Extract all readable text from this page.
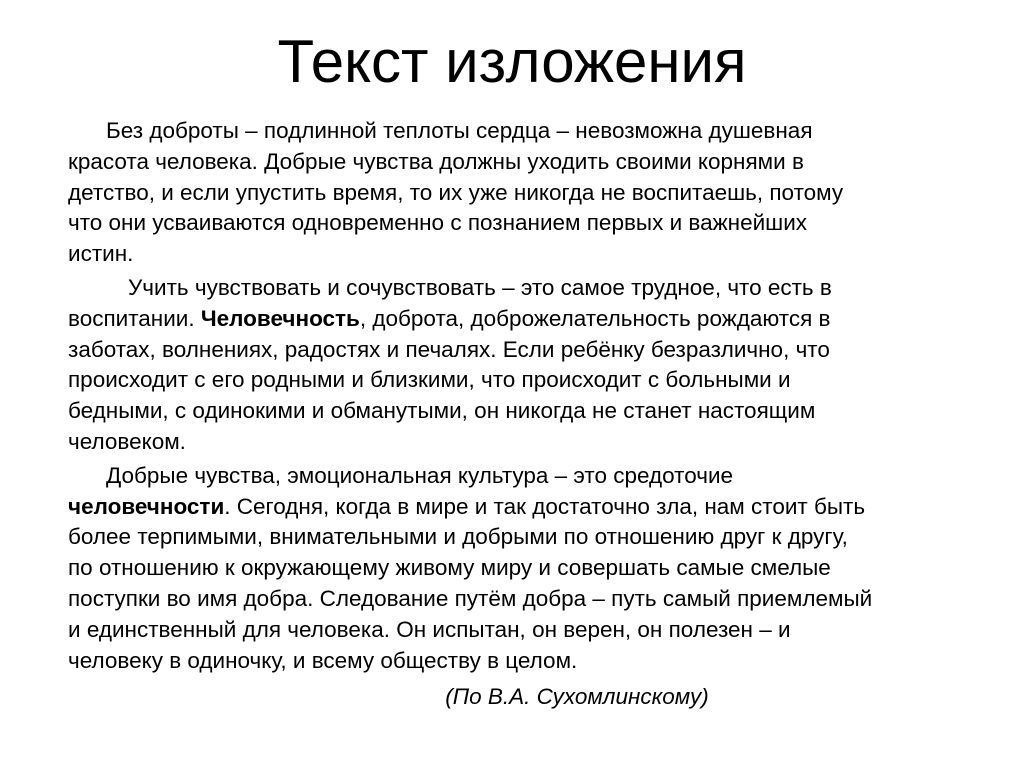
Текст изложения

Без доброты – подлинной теплоты сердца – невозможна душевная
красота человека. Добрые чувства должны уходить своими корнями в
детство, и если упустить время, то их уже никогда не воспитаешь, потому
что они усваиваются одновременно с познанием первых и важнейших
истин.

Учить чувствовать и сочувствовать – это самое трудное, что есть в
воспитании. Человечность, доброта, доброжелательность рождаются в
заботах, волнениях, радостях и печалях. Если ребёнку безразлично, что
происходит с его родными и близкими, что происходит с больными и
бедными, с одинокими и обманутыми, он никогда не станет настоящим
человеком.

Добрые чувства, эмоциональная культура – это средоточие
человечности. Сегодня, когда в мире и так достаточно зла, нам стоит быть
более терпимыми, внимательными и добрыми по отношению друг к другу,
по отношению к окружающему живому миру и совершать самые смелые
поступки во имя добра. Следование путём добра – путь самый приемлемый
и единственный для человека. Он испытан, он верен, он полезен – и
человеку в одиночку, и всему обществу в целом.

(По В.А. Сухомлинскому)
